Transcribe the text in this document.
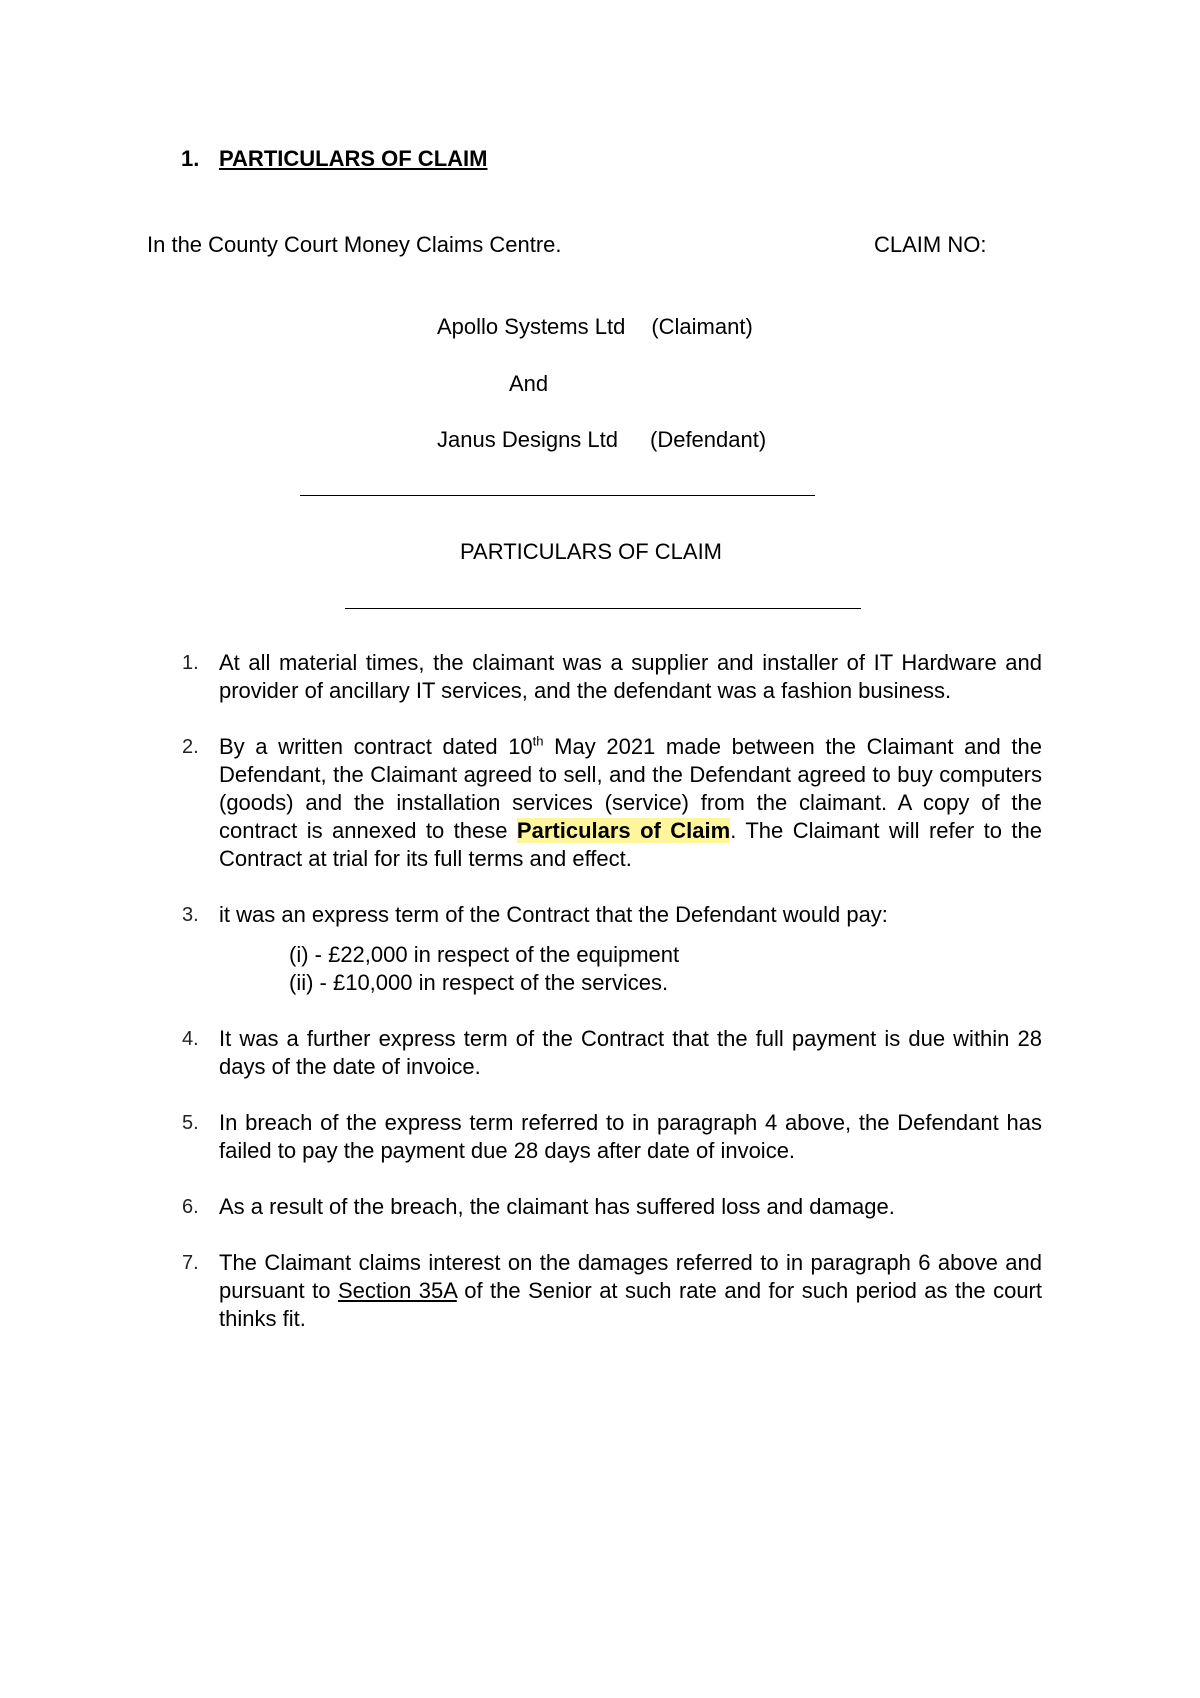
1. PARTICULARS OF CLAIM
In the County Court Money Claims Centre.	CLAIM NO:
Apollo Systems Ltd (Claimant)
And
Janus Designs Ltd (Defendant)
PARTICULARS OF CLAIM
1. At all material times, the claimant was a supplier and installer of IT Hardware and provider of ancillary IT services, and the defendant was a fashion business.
2. By a written contract dated 10th May 2021 made between the Claimant and the Defendant, the Claimant agreed to sell, and the Defendant agreed to buy computers (goods) and the installation services (service) from the claimant. A copy of the contract is annexed to these Particulars of Claim. The Claimant will refer to the Contract at trial for its full terms and effect.
3. it was an express term of the Contract that the Defendant would pay:
(i) - £22,000 in respect of the equipment
(ii) - £10,000 in respect of the services.
4. It was a further express term of the Contract that the full payment is due within 28 days of the date of invoice.
5. In breach of the express term referred to in paragraph 4 above, the Defendant has failed to pay the payment due 28 days after date of invoice.
6. As a result of the breach, the claimant has suffered loss and damage.
7. The Claimant claims interest on the damages referred to in paragraph 6 above and pursuant to Section 35A of the Senior at such rate and for such period as the court thinks fit.
